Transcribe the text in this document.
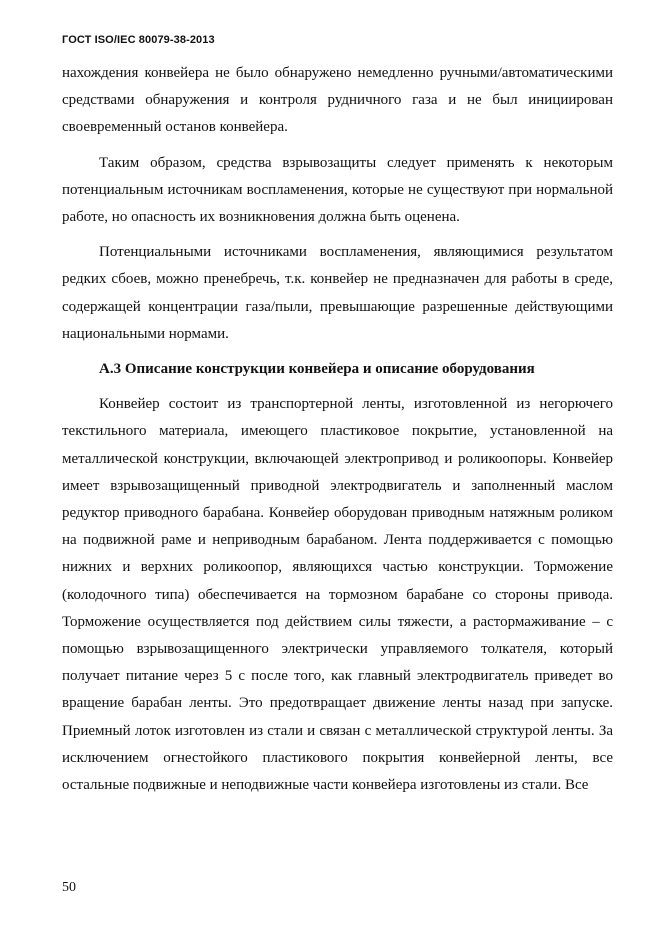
ГОСТ ISO/IEC 80079-38-2013

нахождения конвейера не было обнаружено немедленно ручными/автоматическими средствами обнаружения и контроля рудничного газа и не был инициирован своевременный останов конвейера.

Таким образом, средства взрывозащиты следует применять к некоторым потенциальным источникам воспламенения, которые не существуют при нормальной работе, но опасность их возникновения должна быть оценена.

Потенциальными источниками воспламенения, являющимися результатом редких сбоев, можно пренебречь, т.к. конвейер не предназначен для работы в среде, содержащей концентрации газа/пыли, превышающие разрешенные действующими национальными нормами.

А.3 Описание конструкции конвейера и описание оборудования

Конвейер состоит из транспортерной ленты, изготовленной из негорючего текстильного материала, имеющего пластиковое покрытие, установленной на металлической конструкции, включающей электропривод и роликоопоры. Конвейер имеет взрывозащищенный приводной электродвигатель и заполненный маслом редуктор приводного барабана. Конвейер оборудован приводным натяжным роликом на подвижной раме и неприводным барабаном. Лента поддерживается с помощью нижних и верхних роликоопор, являющихся частью конструкции. Торможение (колодочного типа) обеспечивается на тормозном барабане со стороны привода. Торможение осуществляется под действием силы тяжести, а растормаживание – с помощью взрывозащищенного электрически управляемого толкателя, который получает питание через 5 с после того, как главный электродвигатель приведет во вращение барабан ленты. Это предотвращает движение ленты назад при запуске. Приемный лоток изготовлен из стали и связан с металлической структурой ленты. За исключением огнестойкого пластикового покрытия конвейерной ленты, все остальные подвижные и неподвижные части конвейера изготовлены из стали. Все

50
